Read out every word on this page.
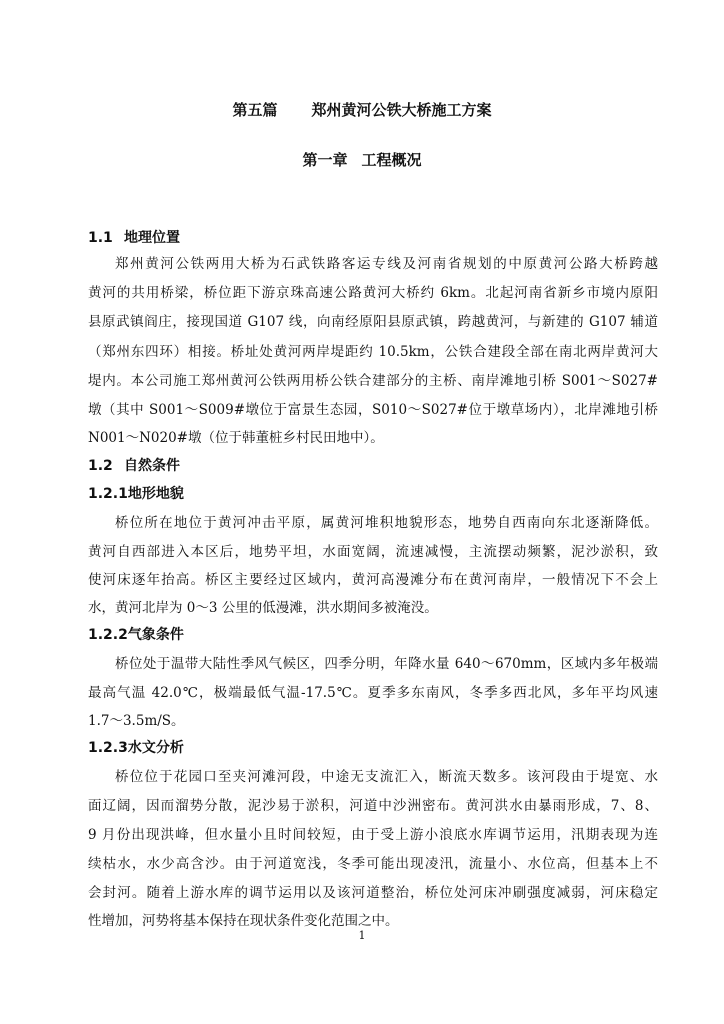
第五篇 郑州黄河公铁大桥施工方案
第一章 工程概况
1.1 地理位置
郑州黄河公铁两用大桥为石武铁路客运专线及河南省规划的中原黄河公路大桥跨越
黄河的共用桥梁，桥位距下游京珠高速公路黄河大桥约 6km。北起河南省新乡市境内原阳
县原武镇阎庄，接现国道 G107 线，向南经原阳县原武镇，跨越黄河，与新建的 G107 辅道
（郑州东四环）相接。桥址处黄河两岸堤距约 10.5km，公铁合建段全部在南北两岸黄河大
堤内。本公司施工郑州黄河公铁两用桥公铁合建部分的主桥、南岸滩地引桥 S001～S027#
墩（其中 S001～S009#墩位于富景生态园，S010～S027#位于墩草场内），北岸滩地引桥
N001～N020#墩（位于韩董桩乡村民田地中）。
1.2 自然条件
1.2.1地形地貌
桥位所在地位于黄河冲击平原，属黄河堆积地貌形态，地势自西南向东北逐渐降低。
黄河自西部进入本区后，地势平坦，水面宽阔，流速减慢，主流摆动频繁，泥沙淤积，致
使河床逐年抬高。桥区主要经过区域内，黄河高漫滩分布在黄河南岸，一般情况下不会上
水，黄河北岸为 0～3 公里的低漫滩，洪水期间多被淹没。
1.2.2气象条件
桥位处于温带大陆性季风气候区，四季分明，年降水量 640～670mm，区域内多年极端
最高气温 42.0℃，极端最低气温-17.5℃。夏季多东南风，冬季多西北风，多年平均风速
1.7～3.5m/S。
1.2.3水文分析
桥位位于花园口至夹河滩河段，中途无支流汇入，断流天数多。该河段由于堤宽、水
面辽阔，因而溜势分散，泥沙易于淤积，河道中沙洲密布。黄河洪水由暴雨形成，7、8、
9 月份出现洪峰，但水量小且时间较短，由于受上游小浪底水库调节运用，汛期表现为连
续枯水，水少高含沙。由于河道宽浅，冬季可能出现凌汛，流量小、水位高，但基本上不
会封河。随着上游水库的调节运用以及该河道整治，桥位处河床冲刷强度减弱，河床稳定
性增加，河势将基本保持在现状条件变化范围之中。
1
